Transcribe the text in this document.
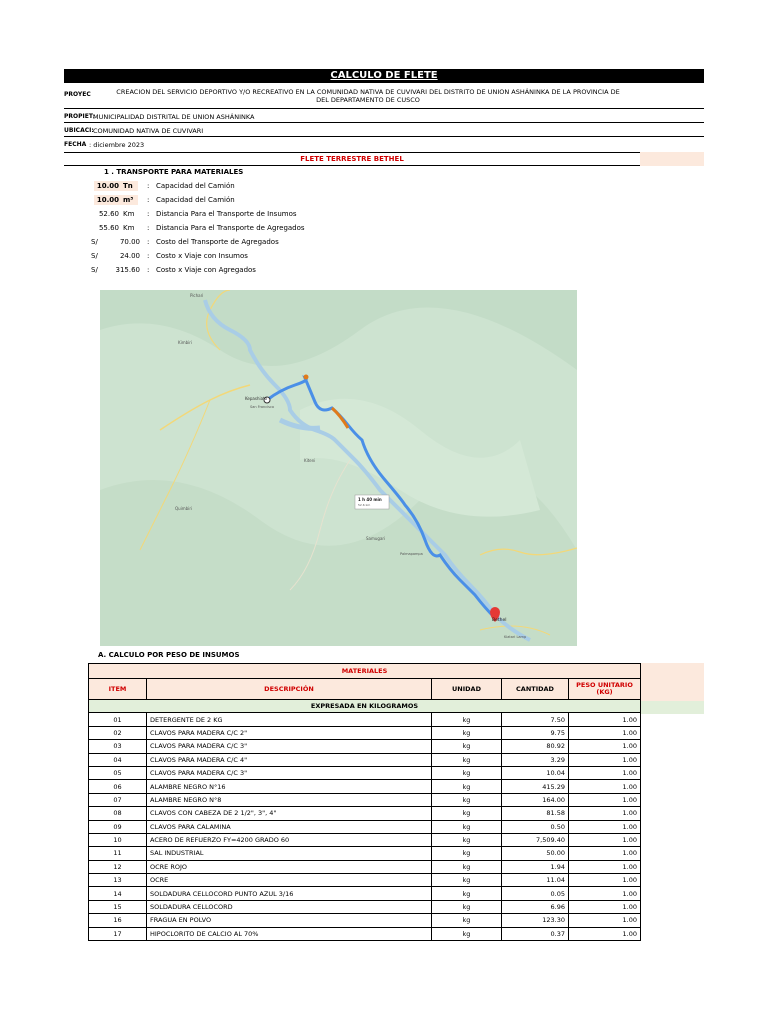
CALCULO DE FLETE
PROYEC	CREACION DEL SERVICIO DEPORTIVO Y/O RECREATIVO EN LA COMUNIDAD NATIVA DE CUVIVARI DEL DISTRITO DE UNION ASHÁNINKA DE LA PROVINCIA DE
DEL DEPARTAMENTO DE CUSCO
PROPIET:
MUNICIPALIDAD DISTRITAL DE UNION ASHÁNINKA
UBICACI: COMUNIDAD NATIVA DE CUVIVARI
FECHA : diciembre 2023
FLETE TERRESTRE BETHEL
1 . TRANSPORTE PARA MATERIALES
10.00 Tn	: Capacidad del Camión
10.00 m³	: Capacidad del Camión
52.60 Km	: Distancia Para el Transporte de Insumos
55.60 Km	: Distancia Para el Transporte de Agregados
S/	70.00 : Costo del Transporte de Agregados
S/	24.00 : Costo x Viaje con Insumos
S/	315.60 : Costo x Viaje con Agregados
Pichari
Kimbiri
Kepashiato
San Francisco
Kiteni
Quimbiri
1 h 40 min
52.6 km
Samugari
Palmapampa
Bethel
Kiatari Lamp
A. CALCULO POR PESO DE INSUMOS
MATERIALES				
ITEM	DESCRIPCIÓN	UNIDAD	CANTIDAD	PESO UNITARIO (KG)
EXPRESADA EN KILOGRAMOS				
01	DETERGENTE DE 2 KG	kg	7.50	1.00
02	CLAVOS PARA MADERA C/C 2"	kg	9.75	1.00
03	CLAVOS PARA MADERA C/C 3"	kg	80.92	1.00
04	CLAVOS PARA MADERA C/C 4"	kg	3.29	1.00
05	CLAVOS PARA MADERA C/C 3"	kg	10.04	1.00
06	ALAMBRE NEGRO N°16	kg	415.29	1.00
07	ALAMBRE NEGRO N°8	kg	164.00	1.00
08	CLAVOS CON CABEZA DE 2 1/2", 3", 4"	kg	81.58	1.00
09	CLAVOS PARA CALAMINA	kg	0.50	1.00
10	ACERO DE REFUERZO FY=4200 GRADO 60	kg	7,509.40	1.00
11	SAL INDUSTRIAL	kg	50.00	1.00
12	OCRE ROJO	kg	1.94	1.00
13	OCRE	kg	11.04	1.00
14	SOLDADURA CELLOCORD PUNTO AZUL 3/16	kg	0.05	1.00
15	SOLDADURA CELLOCORD	kg	6.96	1.00
16	FRAGUA EN POLVO	kg	123.30	1.00
17	HIPOCLORITO DE CALCIO AL 70%	kg	0.37	1.00
